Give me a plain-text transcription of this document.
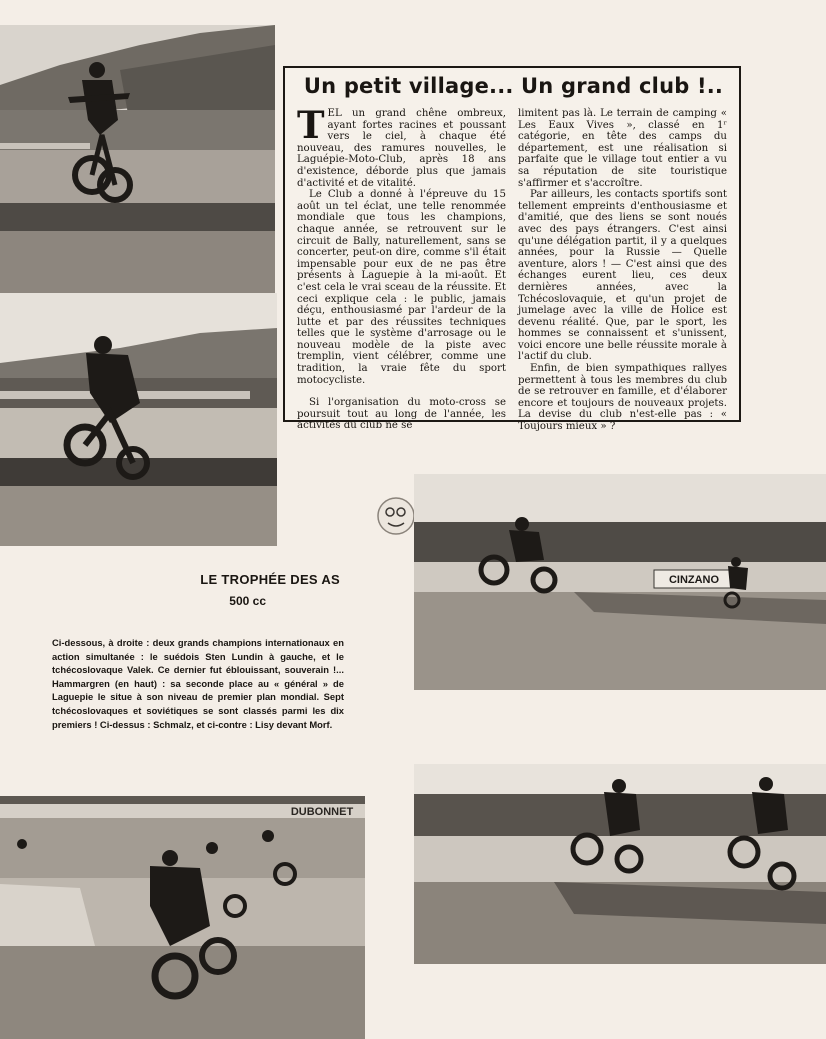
Un petit village... Un grand club !..

TEL un grand chêne ombreux, ayant fortes racines et poussant vers le ciel, à chaque été nouveau, des ramures nouvelles, le Laguépie-Moto-Club, après 18 ans d'existence, déborde plus que jamais d'activité et de vitalité.

Le Club a donné à l'épreuve du 15 août un tel éclat, une telle renommée mondiale que tous les champions, chaque année, se retrouvent sur le circuit de Bally, naturellement, sans se concerter, peut-on dire, comme s'il était impensable pour eux de ne pas être présents à Laguepie à la mi-août. Et c'est cela le vrai sceau de la réussite. Et ceci explique cela : le public, jamais déçu, enthousiasmé par l'ardeur de la lutte et par des réussites techniques telles que le système d'arrosage ou le nouveau modèle de la piste avec tremplin, vient célébrer, comme une tradition, la vraie fête du sport motocycliste.

Si l'organisation du moto-cross se poursuit tout au long de l'année, les activités du club ne se

limitent pas là. Le terrain de camping « Les Eaux Vives », classé en 1ʳ catégorie, en tête des camps du département, est une réalisation si parfaite que le village tout entier a vu sa réputation de site touristique s'affirmer et s'accroître.

Par ailleurs, les contacts sportifs sont tellement empreints d'enthousiasme et d'amitié, que des liens se sont noués avec des pays étrangers. C'est ainsi qu'une délégation partit, il y a quelques années, pour la Russie — Quelle aventure, alors ! — C'est ainsi que des échanges eurent lieu, ces deux dernières années, avec la Tchécoslovaquie, et qu'un projet de jumelage avec la ville de Holice est devenu réalité. Que, par le sport, les hommes se connaissent et s'unissent, voici encore une belle réussite morale à l'actif du club.

Enfin, de bien sympathiques rallyes permettent à tous les membres du club de se retrouver en famille, et d'élaborer encore et toujours de nouveaux projets. La devise du club n'est-elle pas : « Toujours mieux » ?

CINZANO
LE TROPHÉE DES AS
500 cc
Ci-dessous, à droite : deux grands champions internationaux en action simultanée : le suédois Sten Lundin à gauche, et le tchécoslovaque Valek. Ce dernier fut éblouissant, souverain !... Hammargren (en haut) : sa seconde place au « général » de Laguepie le situe à son niveau de premier plan mondial. Sept tchécoslovaques et soviétiques se sont classés parmi les dix premiers ! Ci-dessus : Schmalz, et ci-contre : Lisy devant Morf.
DUBONNET
